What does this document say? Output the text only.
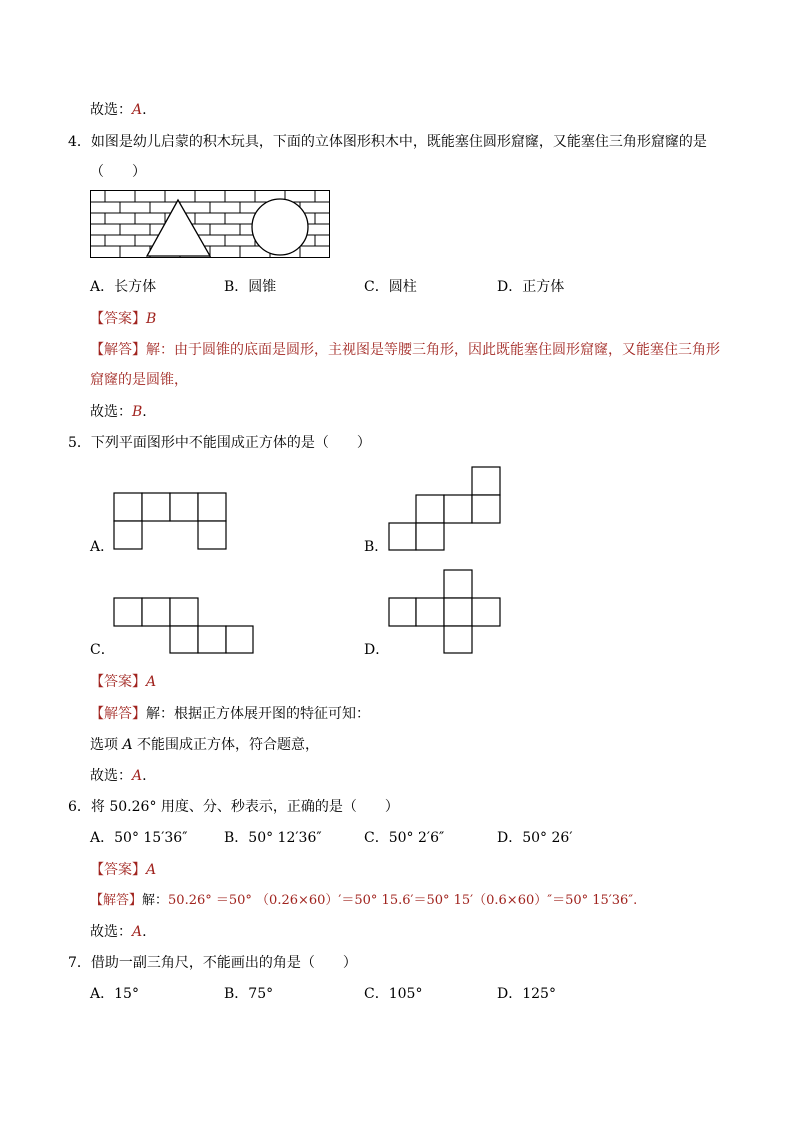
故选：A.
4．如图是幼儿启蒙的积木玩具，下面的立体图形积木中，既能塞住圆形窟窿，又能塞住三角形窟窿的是
（　　）
A．长方体	B．圆锥	C．圆柱	D．正方体
【答案】B
【解答】解：由于圆锥的底面是圆形，主视图是等腰三角形，因此既能塞住圆形窟窿，又能塞住三角形
窟窿的是圆锥，
故选：B.
5．下列平面图形中不能围成正方体的是（　　）
A．	B．
C．	D．
【答案】A
【解答】解：根据正方体展开图的特征可知：
选项 A 不能围成正方体，符合题意，
故选：A.
6．将 50.26° 用度、分、秒表示，正确的是（　　）
A．50° 15′36″	B．50° 12′36″	C．50° 2′6″	D．50° 26′
【答案】A
【解答】解：50.26° ＝50° （0.26×60）′＝50° 15.6′＝50° 15′（0.6×60）″＝50° 15′36″.
故选：A.
7．借助一副三角尺，不能画出的角是（　　）
A．15°	B．75°	C．105°	D．125°
